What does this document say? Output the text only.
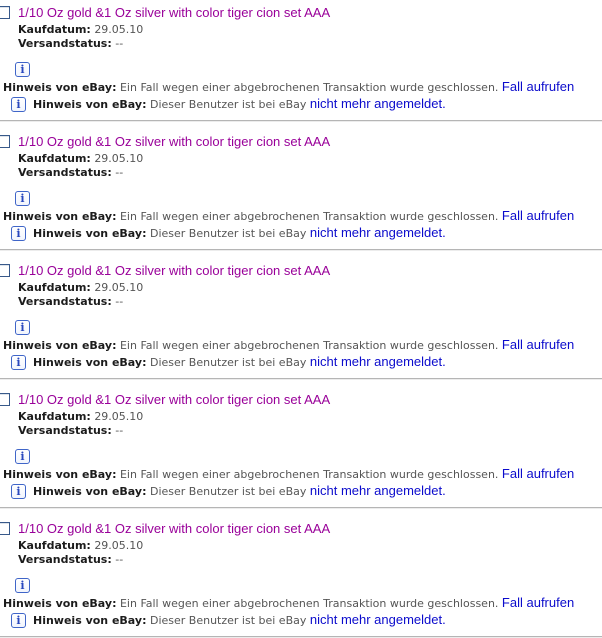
1/10 Oz gold &1 Oz silver with color tiger cion set AAA
Kaufdatum: 29.05.10
Versandstatus: --
i
Hinweis von eBay: Ein Fall wegen einer abgebrochenen Transaktion wurde geschlossen. Fall aufrufen
i	Hinweis von eBay: Dieser Benutzer ist bei eBay nicht mehr angemeldet.
1/10 Oz gold &1 Oz silver with color tiger cion set AAA
Kaufdatum: 29.05.10
Versandstatus: --
i
Hinweis von eBay: Ein Fall wegen einer abgebrochenen Transaktion wurde geschlossen. Fall aufrufen
i	Hinweis von eBay: Dieser Benutzer ist bei eBay nicht mehr angemeldet.
1/10 Oz gold &1 Oz silver with color tiger cion set AAA
Kaufdatum: 29.05.10
Versandstatus: --
i
Hinweis von eBay: Ein Fall wegen einer abgebrochenen Transaktion wurde geschlossen. Fall aufrufen
i	Hinweis von eBay: Dieser Benutzer ist bei eBay nicht mehr angemeldet.
1/10 Oz gold &1 Oz silver with color tiger cion set AAA
Kaufdatum: 29.05.10
Versandstatus: --
i
Hinweis von eBay: Ein Fall wegen einer abgebrochenen Transaktion wurde geschlossen. Fall aufrufen
i	Hinweis von eBay: Dieser Benutzer ist bei eBay nicht mehr angemeldet.
1/10 Oz gold &1 Oz silver with color tiger cion set AAA
Kaufdatum: 29.05.10
Versandstatus: --
i
Hinweis von eBay: Ein Fall wegen einer abgebrochenen Transaktion wurde geschlossen. Fall aufrufen
i	Hinweis von eBay: Dieser Benutzer ist bei eBay nicht mehr angemeldet.
